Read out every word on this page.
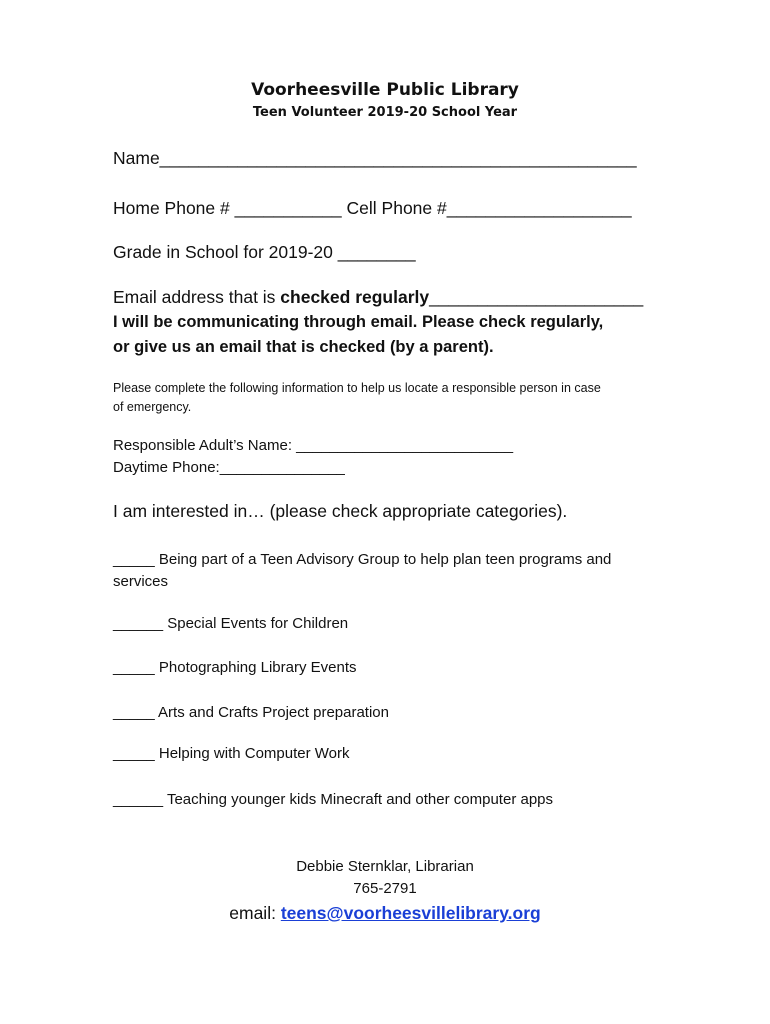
Voorheesville Public Library
Teen Volunteer 2019-20 School Year
Name_________________________________________________
Home Phone # ___________ Cell Phone #___________________
Grade in School for 2019-20 ________
Email address that is checked regularly______________________
I will be communicating through email. Please check regularly,
or give us an email that is checked (by a parent).
Please complete the following information to help us locate a responsible person in case
of emergency.
Responsible Adult’s Name: __________________________
Daytime Phone:_______________
I am interested in… (please check appropriate categories).
_____ Being part of a Teen Advisory Group to help plan teen programs and
services
______ Special Events for Children
_____ Photographing Library Events
_____ Arts and Crafts Project preparation
_____ Helping with Computer Work
______ Teaching younger kids Minecraft and other computer apps
Debbie Sternklar, Librarian
765-2791
email: teens@voorheesvillelibrary.org
